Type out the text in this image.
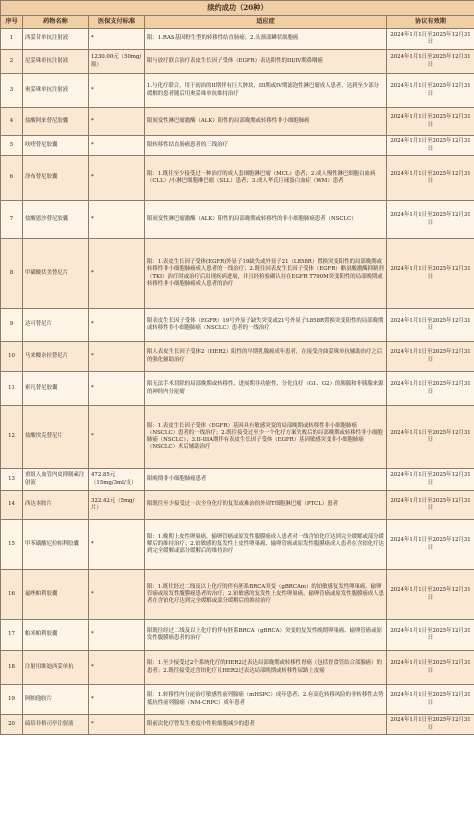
续约成功（20种）				
序号	药物名称	医保支付标准	适应症	协议有效期
1	西妥昔单抗注射液	*	限：1.RAS基因野生型的转移性结直肠癌；2.头颈部鳞状细胞癌	2024年1月1日至2025年12月31日
2	尼妥珠单抗注射液	1230.00元（50mg/瓶）	限与放疗联合治疗表皮生长因子受体（EGFR）表达阳性的III/IV期鼻咽癌	2024年1月1日至2025年12月31日
3	奥妥珠单抗注射液	*	1.与化疗联合，用于初治的II期伴有巨大肿块、III期或IV期滤泡性淋巴瘤成人患者，达到至少部分缓解的患者随后用奥妥珠单抗维持治疗	2024年1月1日至2025年12月31日
4	盐酸阿来替尼胶囊	*	限间变性淋巴瘤激酶（ALK）阳性的局部晚期或转移性非小细胞肺癌	2024年1月1日至2025年12月31日
5	呋喹替尼胶囊	*	限转移性结直肠癌患者的三线治疗	2024年1月1日至2025年12月31日
6	泽布替尼胶囊	*	限：1.既往至少接受过一种治疗的成人套细胞淋巴瘤（MCL）患者；2.成人慢性淋巴细胞白血病（CLL）/小淋巴细胞淋巴瘤（SLL）患者；3.成人华氏巨球蛋白血症（WM）患者	2024年1月1日至2025年12月31日
7	盐酸恩沙替尼胶囊	*	限间变性淋巴瘤激酶（ALK）阳性的局部晚期或转移性的非小细胞肺癌患者（NSCLC）	2024年1月1日至2025年12月31日
8	甲磺酸伏美替尼片	*	限：1.表皮生长因子受体(EGFR)外显子19缺失或外显子21（L858R）置换突变阳性的局部晚期或转移性非小细胞肺癌成人患者的一线治疗；2.既往因表皮生长因子受体（EGFR）酪氨酸激酶抑制剂（TKI）治疗时或治疗后出现疾病进展，并且经检验确认存在EGFR T790M突变阳性的局部晚期或转移性非小细胞肺癌成人患者的治疗	2024年1月1日至2025年12月31日
9	达可替尼片	*	限表皮生长因子受体（EGFR）19号外显子缺失突变或21号外显子L858R置换突变阳性的局部晚期或转移性非小细胞肺癌（NSCLC）患者的一线治疗	2024年1月1日至2025年12月31日
10	马来酸奈拉替尼片	*	限人表皮生长因子受体2（HER2）阳性的早期乳腺癌成年患者，在接受含曲妥珠单抗辅助治疗之后的强化辅助治疗	2024年1月1日至2025年12月31日
11	索凡替尼胶囊	*	限无法手术切除的局部晚期或转移性、进展期非功能性、分化良好（G1、G2）的胰腺和非胰腺来源的神经内分泌瘤	2024年1月1日至2025年12月31日
12	盐酸埃克替尼片	*	限：1.表皮生长因子受体（EGFR）基因具有敏感突变的局部晚期或转移性非小细胞肺癌（NSCLC）患者的一线治疗；2.既往接受过至少一个化疗方案失败后的局部晚期或转移性非小细胞肺癌（NSCLC）；3.II-IIIA期伴有表皮生长因子受体（EGFR）基因敏感突变非小细胞肺癌（NSCLC）术后辅助治疗	2024年1月1日至2025年12月31日
13	重组人血管内皮抑制素注射液	472.85元（15mg/3ml/支）	限晚期非小细胞肺癌患者	2024年1月1日至2025年12月31日
14	西达本胺片	322.42元（5mg/片）	限既往至少接受过一次全身化疗的复发或难治的外周T细胞淋巴瘤（PTCL）患者	2024年1月1日至2025年12月31日
15	甲苯磺酸尼拉帕利胶囊	*	限：1.晚期上皮性卵巢癌、输卵管癌或原发性腹膜癌成人患者对一线含铂化疗达到完全缓解或部分缓解后的维持治疗；2.铂敏感的复发性上皮性卵巢癌、输卵管癌或原发性腹膜癌成人患者在含铂化疗达到完全缓解或部分缓解后的维持治疗	2024年1月1日至2025年12月31日
16	氟唑帕利胶囊	*	限：1.既往经过二线及以上化疗的伴有胚系BRCA突变（gBRCAm）的铂敏感复发性卵巢癌、输卵管癌或原发性腹膜癌患者的治疗；2.铂敏感的复发性上皮性卵巢癌、输卵管癌或原发性腹膜癌成人患者在含铂化疗达到完全缓解或部分缓解后的维持治疗	2024年1月1日至2025年12月31日
17	帕米帕利胶囊	*	限既往经过二线及以上化疗的伴有胚系BRCA（gBRCA）突变的复发性晚期卵巢癌、输卵管癌或原发性腹膜癌患者的治疗	2024年1月1日至2025年12月31日
18	注射用维迪西妥单抗	*	限：1.至少接受过2个系统化疗的HER2过表达局部晚期或转移性胃癌（包括胃食管结合部腺癌）的患者；2.既往接受过含铂化疗且HER2过表达局部晚期或转移性尿路上皮癌	2024年1月1日至2025年12月31日
19	阿帕他胺片	*	限：1.转移性内分泌治疗敏感性前列腺癌（mHSPC）成年患者；2.有高危转移风险的非转移性去势抵抗性前列腺癌（NM-CRPC）成年患者	2024年1月1日至2025年12月31日
20	硫培非格司亭注射液	*	限前次化疗曾发生重度中性粒细胞减少的患者	2024年1月1日至2025年12月31日
